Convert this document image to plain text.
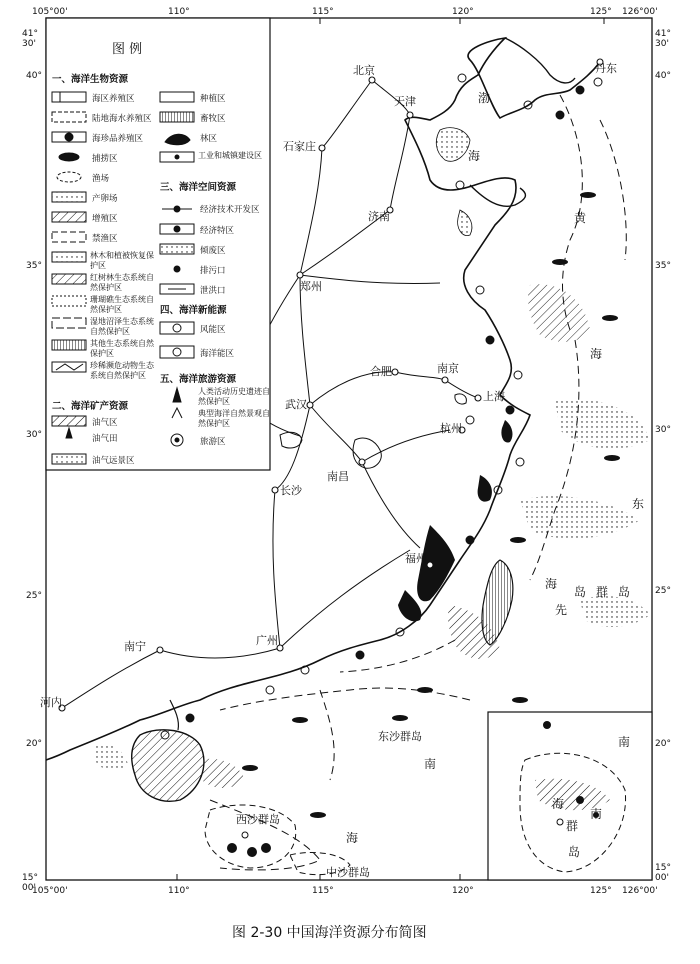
105°00'	110°	115°	120°	125° 126°00'
105°00'	110°	115°	120°	125° 126°00'
41° 30'
40°
35°
30°
25°
20°
15° 00'
41° 30'
40°
35°
30°
25°
20°
15° 00'
北京
天津
石家庄
济南
郑州
合肥	南京
上海
武汉
杭州
南昌
长沙
福州
广州
南宁
河内
丹东
渤
海
黄
海
东
海
先
岛 群 岛
南
海
南
海
南
群
岛
东沙群岛
西沙群岛
中沙群岛
图 例
一、海洋生物资源
二、海洋矿产资源
三、海洋空间资源
四、海洋新能源
五、海洋旅游资源
海区养殖区
陆地海水养殖区
海珍品养殖区
捕捞区
渔场
产卵场
增殖区
禁渔区
林木和植被恢复保护区
红树林生态系统自然保护区
珊瑚礁生态系统自然保护区
湿地沼泽生态系统自然保护区
其他生态系统自然保护区
珍稀濒危动物生态系统自然保护区
油气区
油气田
油气远景区
种植区
畜牧区
林区
工业和城镇建设区
经济技术开发区
经济特区
倾废区
排污口
泄洪口
风能区
海洋能区
人类活动历史遗迹自然保护区
典型海洋自然景观自然保护区
旅游区
图 2-30 中国海洋资源分布简图
